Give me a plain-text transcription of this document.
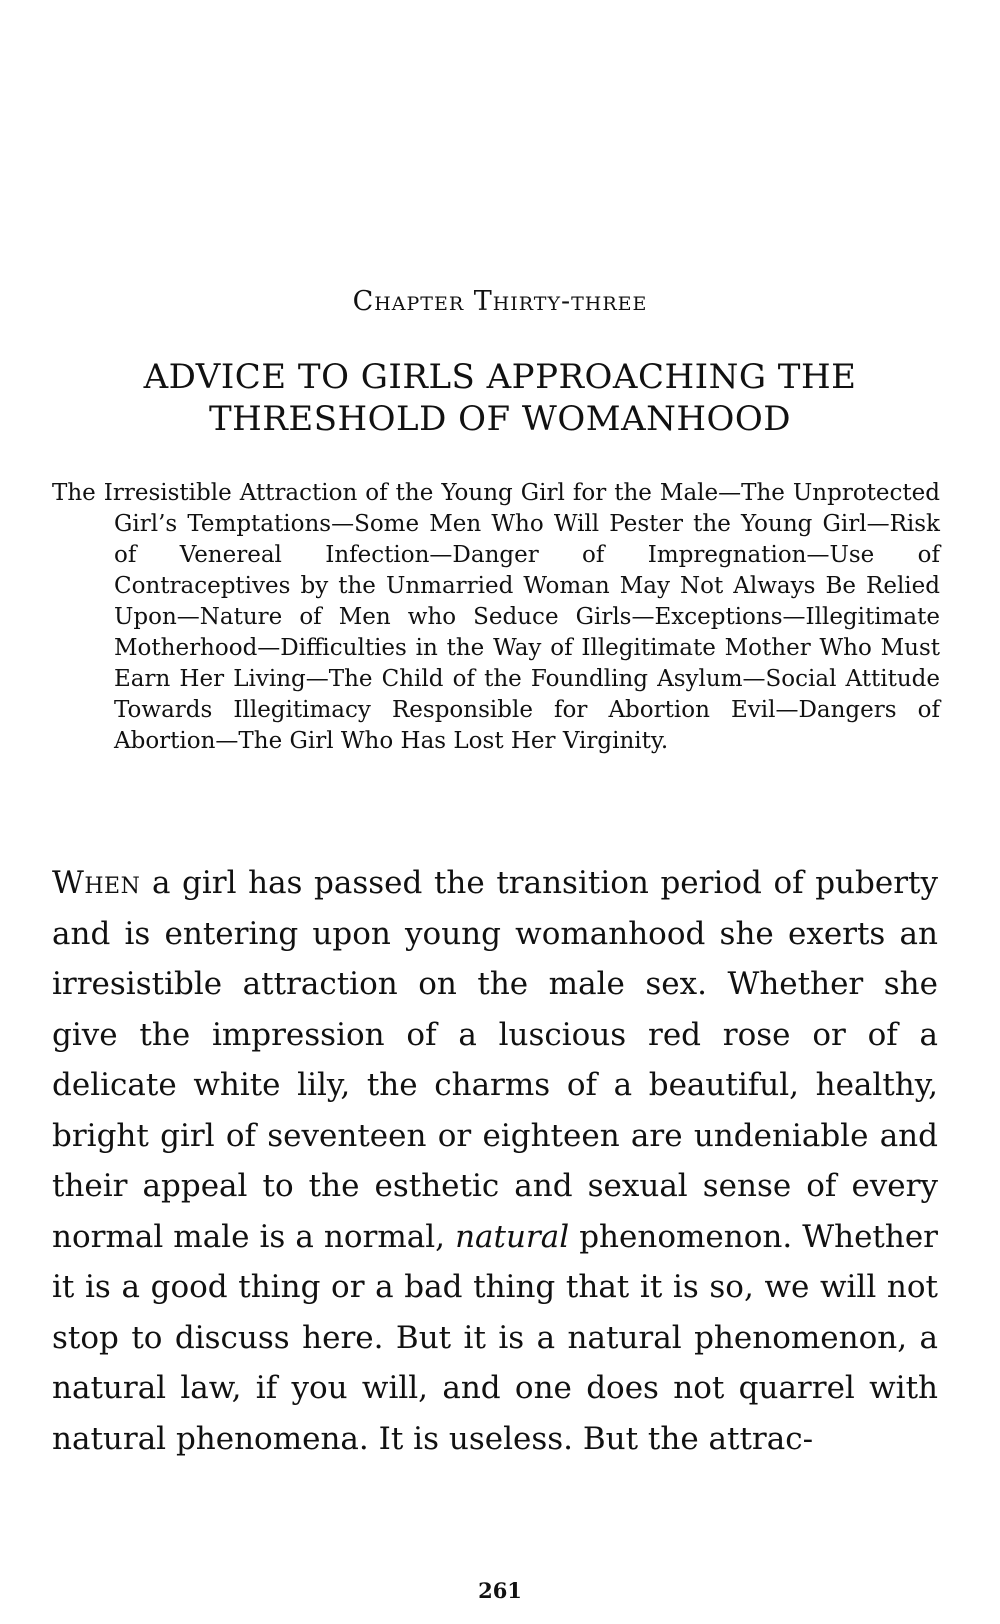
Chapter Thirty-three
ADVICE TO GIRLS APPROACHING THE
THRESHOLD OF WOMANHOOD
The Irresistible Attraction of the Young Girl for the Male—The Unprotected Girl’s Temptations—Some Men Who Will Pester the Young Girl—Risk of Venereal Infection—Danger of Impregnation—Use of Contraceptives by the Unmarried Woman May Not Always Be Relied Upon—Nature of Men who Seduce Girls—Exceptions—Illegitimate Motherhood—Difficulties in the Way of Illegitimate Mother Who Must Earn Her Living—The Child of the Foundling Asylum—Social Attitude Towards Illegitimacy Responsible for Abortion Evil—Dangers of Abortion—The Girl Who Has Lost Her Virginity.
When a girl has passed the transition period of puberty and is entering upon young womanhood she exerts an irresistible attraction on the male sex. Whether she give the impression of a luscious red rose or of a delicate white lily, the charms of a beautiful, healthy, bright girl of seventeen or eighteen are undeniable and their appeal to the esthetic and sexual sense of every normal male is a normal, natural phenomenon. Whether it is a good thing or a bad thing that it is so, we will not stop to discuss here. But it is a natural phenomenon, a natural law, if you will, and one does not quarrel with natural phenomena. It is useless. But the attrac-
261
